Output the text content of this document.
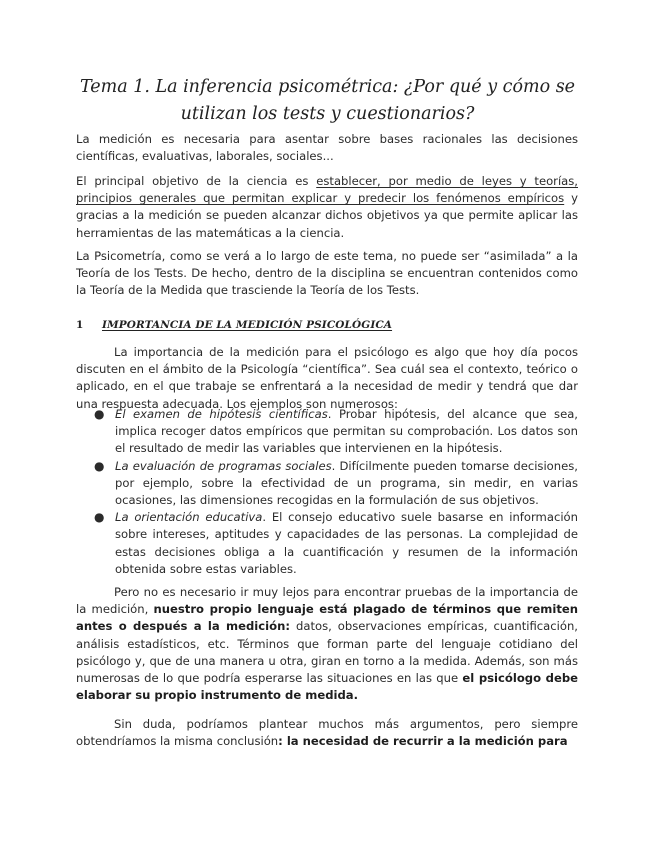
Tema 1. La inferencia psicométrica: ¿Por qué y cómo se
utilizan los tests y cuestionarios?

La medición es necesaria para asentar sobre bases racionales las decisiones científicas, evaluativas, laborales, sociales...

El principal objetivo de la ciencia es establecer, por medio de leyes y teorías, principios generales que permitan explicar y predecir los fenómenos empíricos y gracias a la medición se pueden alcanzar dichos objetivos ya que permite aplicar las herramientas de las matemáticas a la ciencia.

La Psicometría, como se verá a lo largo de este tema, no puede ser “asimilada” a la Teoría de los Tests. De hecho, dentro de la disciplina se encuentran contenidos como la Teoría de la Medida que trasciende la Teoría de los Tests.

1 IMPORTANCIA DE LA MEDICIÓN PSICOLÓGICA

La importancia de la medición para el psicólogo es algo que hoy día pocos discuten en el ámbito de la Psicología “científica”. Sea cuál sea el contexto, teórico o aplicado, en el que trabaje se enfrentará a la necesidad de medir y tendrá que dar una respuesta adecuada. Los ejemplos son numerosos:

● El examen de hipótesis científicas. Probar hipótesis, del alcance que sea, implica recoger datos empíricos que permitan su comprobación. Los datos son el resultado de medir las variables que intervienen en la hipótesis.
● La evaluación de programas sociales. Difícilmente pueden tomarse decisiones, por ejemplo, sobre la efectividad de un programa, sin medir, en varias ocasiones, las dimensiones recogidas en la formulación de sus objetivos.
● La orientación educativa. El consejo educativo suele basarse en información sobre intereses, aptitudes y capacidades de las personas. La complejidad de estas decisiones obliga a la cuantificación y resumen de la información obtenida sobre estas variables.

Pero no es necesario ir muy lejos para encontrar pruebas de la importancia de la medición, nuestro propio lenguaje está plagado de términos que remiten antes o después a la medición: datos, observaciones empíricas, cuantificación, análisis estadísticos, etc. Términos que forman parte del lenguaje cotidiano del psicólogo y, que de una manera u otra, giran en torno a la medida. Además, son más numerosas de lo que podría esperarse las situaciones en las que el psicólogo debe elaborar su propio instrumento de medida.

Sin duda, podríamos plantear muchos más argumentos, pero siempre obtendríamos la misma conclusión: la necesidad de recurrir a la medición para
